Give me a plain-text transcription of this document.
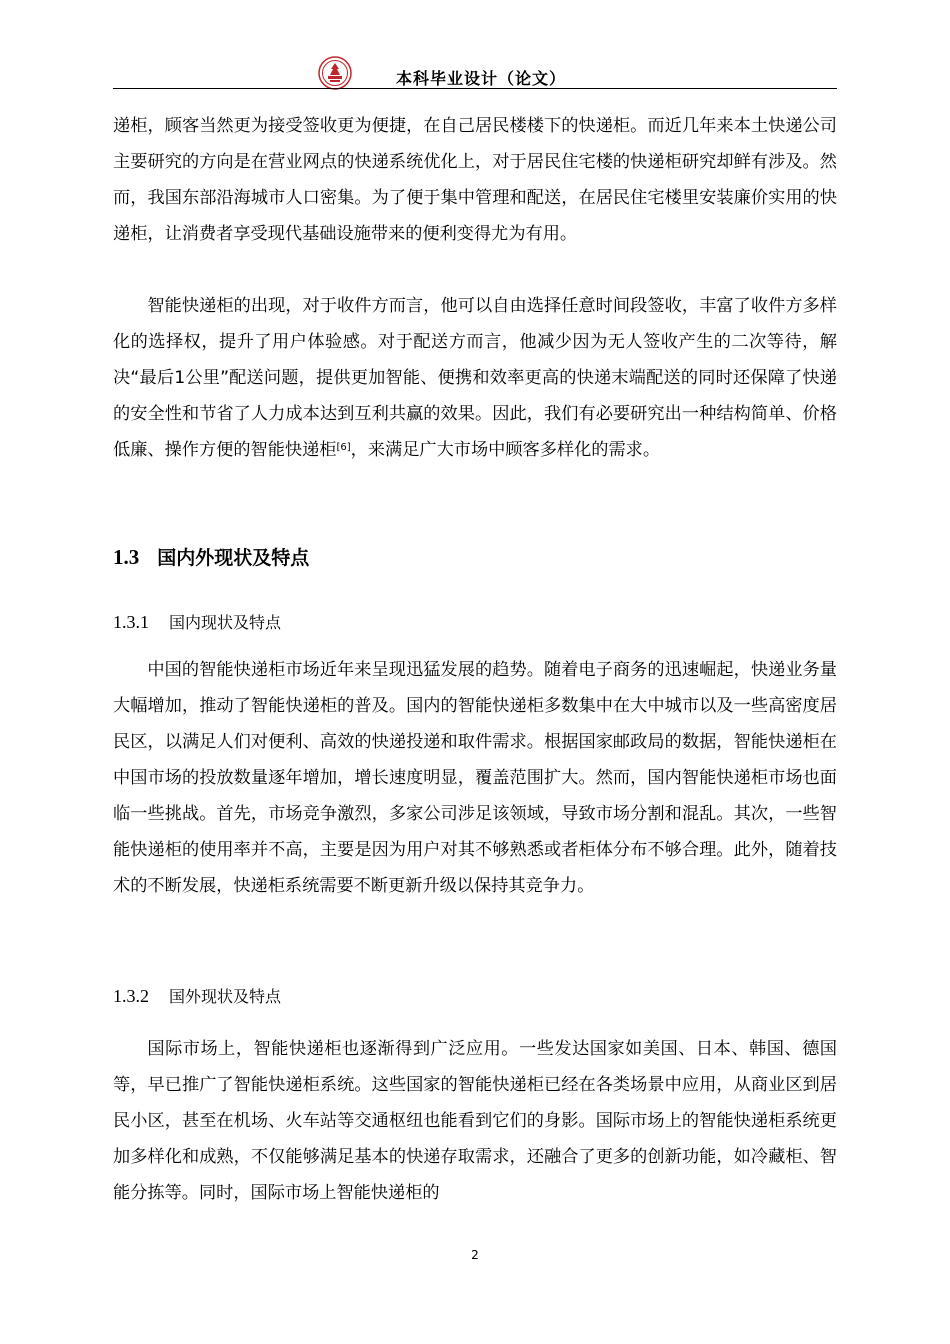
本科毕业设计（论文）

递柜，顾客当然更为接受签收更为便捷，在自己居民楼楼下的快递柜。而近几年来本土快递公司主要研究的方向是在营业网点的快递系统优化上，对于居民住宅楼的快递柜研究却鲜有涉及。然而，我国东部沿海城市人口密集。为了便于集中管理和配送，在居民住宅楼里安装廉价实用的快递柜，让消费者享受现代基础设施带来的便利变得尤为有用。

智能快递柜的出现，对于收件方而言，他可以自由选择任意时间段签收，丰富了收件方多样化的选择权，提升了用户体验感。对于配送方而言，他减少因为无人签收产生的二次等待，解决“最后1公里”配送问题，提供更加智能、便携和效率更高的快递末端配送的同时还保障了快递的安全性和节省了人力成本达到互利共赢的效果。因此，我们有必要研究出一种结构简单、价格低廉、操作方便的智能快递柜[6]，来满足广大市场中顾客多样化的需求。

1.3 国内外现状及特点
1.3.1 国内现状及特点

中国的智能快递柜市场近年来呈现迅猛发展的趋势。随着电子商务的迅速崛起，快递业务量大幅增加，推动了智能快递柜的普及。国内的智能快递柜多数集中在大中城市以及一些高密度居民区，以满足人们对便利、高效的快递投递和取件需求。根据国家邮政局的数据，智能快递柜在中国市场的投放数量逐年增加，增长速度明显，覆盖范围扩大。然而，国内智能快递柜市场也面临一些挑战。首先，市场竞争激烈，多家公司涉足该领域，导致市场分割和混乱。其次，一些智能快递柜的使用率并不高，主要是因为用户对其不够熟悉或者柜体分布不够合理。此外，随着技术的不断发展，快递柜系统需要不断更新升级以保持其竞争力。

1.3.2 国外现状及特点

国际市场上，智能快递柜也逐渐得到广泛应用。一些发达国家如美国、日本、韩国、德国等，早已推广了智能快递柜系统。这些国家的智能快递柜已经在各类场景中应用，从商业区到居民小区，甚至在机场、火车站等交通枢纽也能看到它们的身影。国际市场上的智能快递柜系统更加多样化和成熟，不仅能够满足基本的快递存取需求，还融合了更多的创新功能，如冷藏柜、智能分拣等。同时，国际市场上智能快递柜的

2
